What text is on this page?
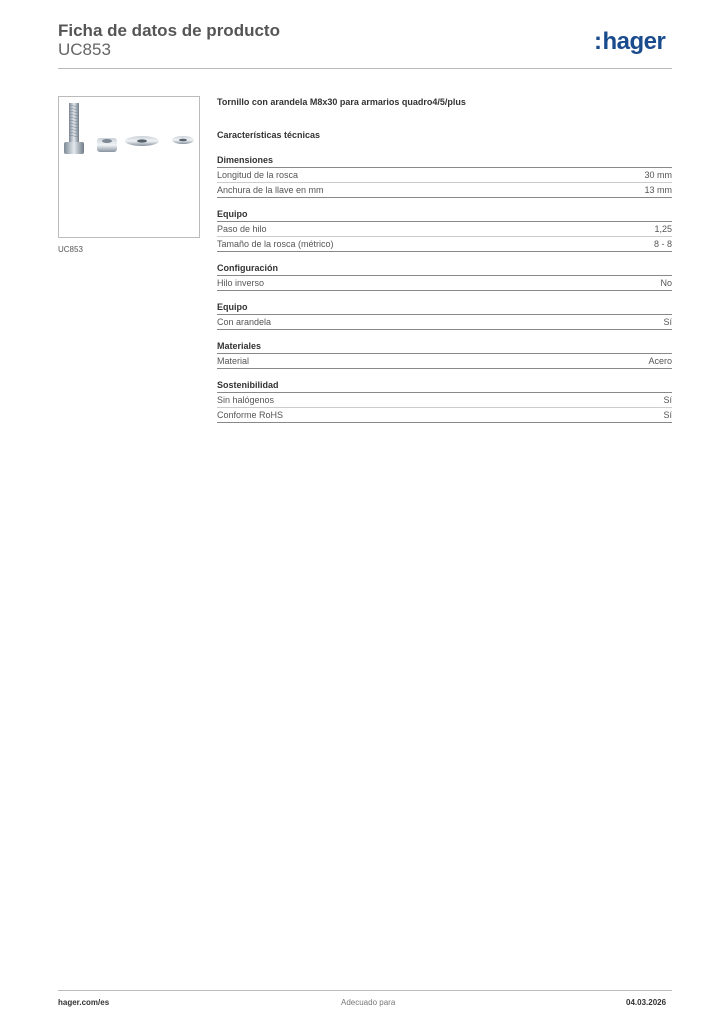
Ficha de datos de producto
UC853	:hager
UC853
Tornillo con arandela M8x30 para armarios quadro4/5/plus
Características técnicas
Dimensiones
Longitud de la rosca	30 mm
Anchura de la llave en mm	13 mm
Equipo
Paso de hilo	1,25
Tamaño de la rosca (métrico)	8 - 8
Configuración
Hilo inverso	No
Equipo
Con arandela	Sí
Materiales
Material	Acero
Sostenibilidad
Sin halógenos	Sí
Conforme RoHS	Sí
hager.com/es	Adecuado para	04.03.2026
